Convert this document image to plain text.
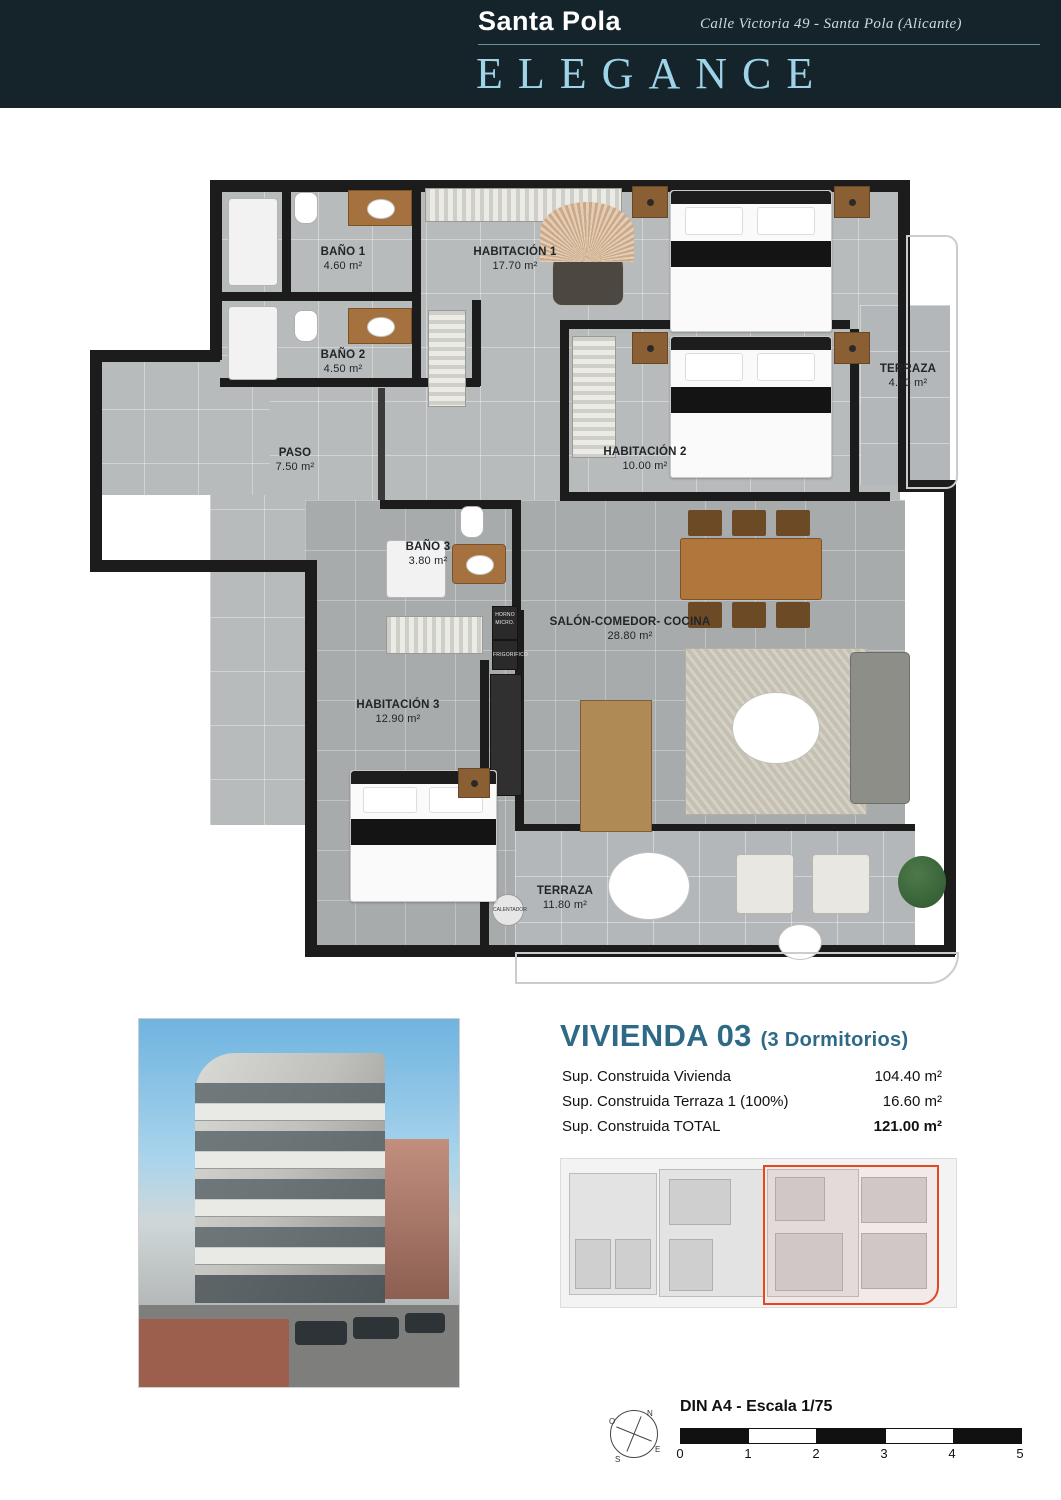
Santa Pola	Calle Victoria 49 - Santa Pola (Alicante)
ELEGANCE
BAÑO 1
4.60 m²
HABITACIÓN 1
17.70 m²
BAÑO 2
4.50 m²	TERRAZA
4.80 m²
PASO
7.50 m²
HABITACIÓN 2
10.00 m²
BAÑO 3
3.80 m²
HORNO
MICRO.
FRIGORIFICO
CALENTADOR
HABITACIÓN 3
12.90 m²
SALÓN-COMEDOR- COCINA
28.80 m²
TERRAZA
11.80 m²
VIVIENDA 03 (3 Dormitorios)
Sup. Construida Vivienda	104.40 m²
Sup. Construida Terraza 1 (100%)	16.60 m²
Sup. Construida TOTAL	121.00 m²
N
S
E
O
DIN A4 - Escala 1/75
0	1	2	3	4	5
